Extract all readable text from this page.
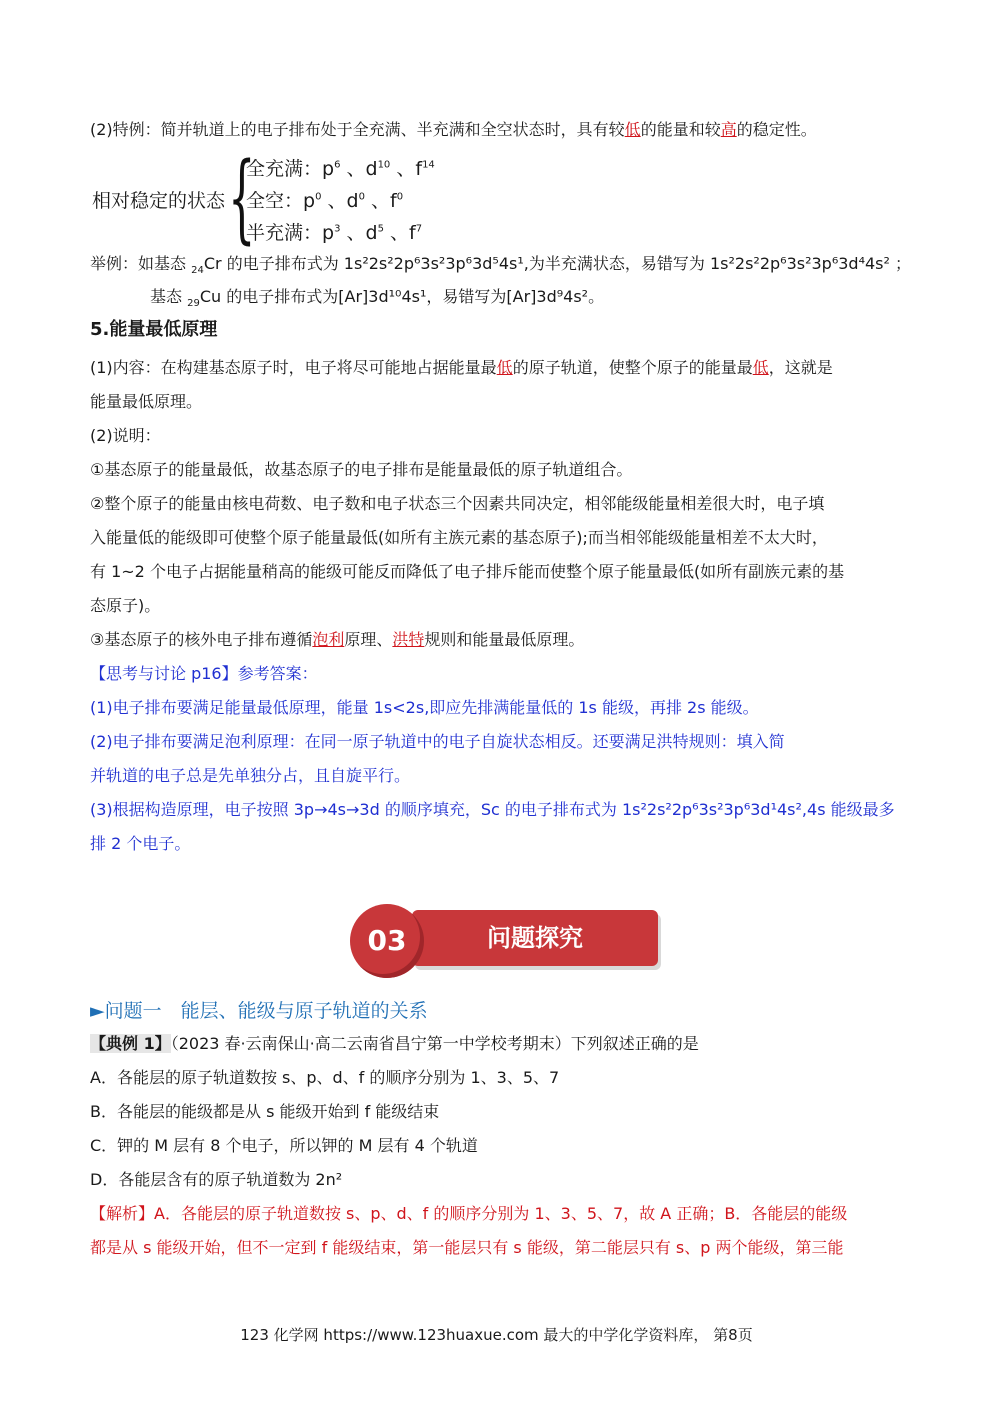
(2)特例：简并轨道上的电子排布处于全充满、半充满和全空状态时，具有较低的能量和较高的稳定性。
相对稳定的状态 {
全充满：$p^6$ 、$d^{10}$ 、$f^{14}$
全空：$p^0$ 、$d^0$ 、$f^0$
半充满：$p^3$ 、$d^5$ 、$f^7$
举例：如基态 $_{24}$Cr 的电子排布式为 1s²2s²2p⁶3s²3p⁶3d⁵4s¹,为半充满状态，易错写为 1s²2s²2p⁶3s²3p⁶3d⁴4s² ；
基态 $_{29}$Cu 的电子排布式为[Ar]3d¹⁰4s¹，易错写为[Ar]3d⁹4s²。
5.能量最低原理
(1)内容：在构建基态原子时，电子将尽可能地占据能量最低的原子轨道，使整个原子的能量最低，这就是
能量最低原理。
(2)说明：
①基态原子的能量最低，故基态原子的电子排布是能量最低的原子轨道组合。
②整个原子的能量由核电荷数、电子数和电子状态三个因素共同决定，相邻能级能量相差很大时，电子填
入能量低的能级即可使整个原子能量最低(如所有主族元素的基态原子);而当相邻能级能量相差不太大时，
有 1~2 个电子占据能量稍高的能级可能反而降低了电子排斥能而使整个原子能量最低(如所有副族元素的基
态原子)。
③基态原子的核外电子排布遵循泡利原理、洪特规则和能量最低原理。
【思考与讨论 p16】参考答案：
(1)电子排布要满足能量最低原理，能量 1s<2s,即应先排满能量低的 1s 能级，再排 2s 能级。
(2)电子排布要满足泡利原理：在同一原子轨道中的电子自旋状态相反。还要满足洪特规则：填入简
并轨道的电子总是先单独分占，且自旋平行。
(3)根据构造原理，电子按照 3p→4s→3d 的顺序填充，Sc 的电子排布式为 1s²2s²2p⁶3s²3p⁶3d¹4s²,4s 能级最多
排 2 个电子。
问题探究
03
►问题一　能层、能级与原子轨道的关系
【典例 1】（2023 春·云南保山·高二云南省昌宁第一中学校考期末）下列叙述正确的是
A．各能层的原子轨道数按 s、p、d、f 的顺序分别为 1、3、5、7
B．各能层的能级都是从 s 能级开始到 f 能级结束
C．钾的 M 层有 8 个电子，所以钾的 M 层有 4 个轨道
D．各能层含有的原子轨道数为 2n²
【解析】A．各能层的原子轨道数按 s、p、d、f 的顺序分别为 1、3、5、7，故 A 正确；B．各能层的能级
都是从 s 能级开始，但不一定到 f 能级结束，第一能层只有 s 能级，第二能层只有 s、p 两个能级，第三能
123 化学网 https://www.123huaxue.com 最大的中学化学资料库， 第8页
